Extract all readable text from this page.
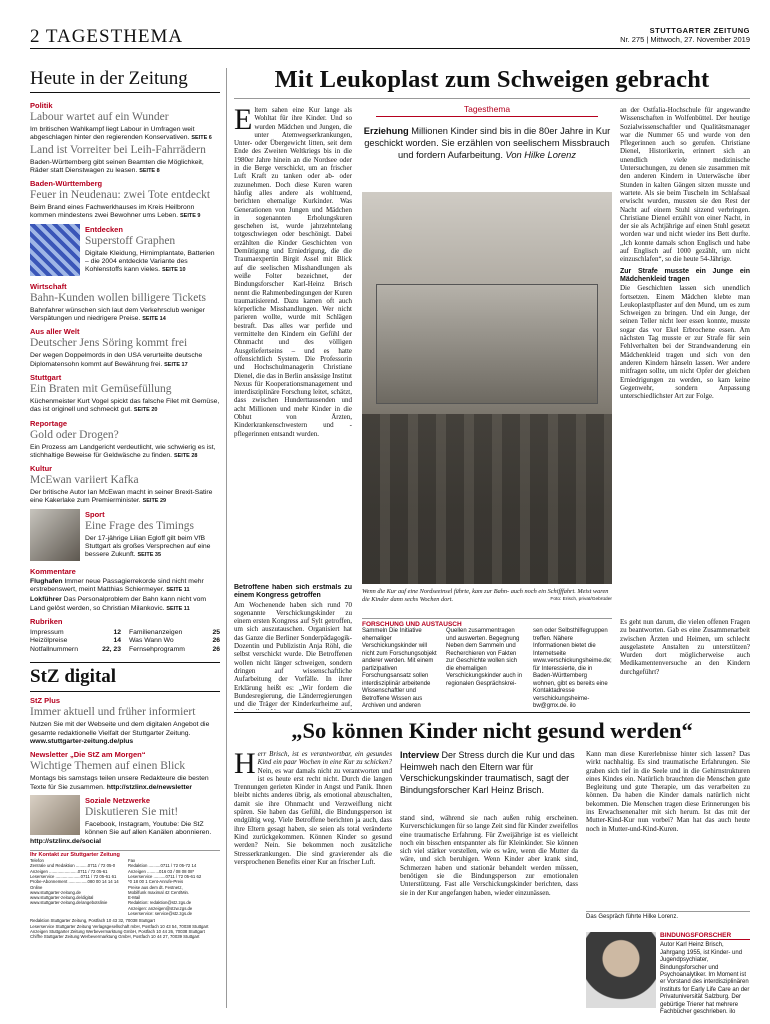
2 TAGESTHEMA	STUTTGARTER ZEITUNG
Nr. 275 | Mittwoch, 27. November 2019
Heute in der Zeitung
Politik
Labour wartet auf ein Wunder
Im britischen Wahlkampf liegt Labour in Umfragen weit abgeschlagen hinter den regierenden Konservativen. SEITE 6
Land ist Vorreiter bei Leih-Fahrrädern
Baden-Württemberg gibt seinen Beamten die Möglichkeit, Räder statt Dienstwagen zu leasen. SEITE 8
Baden-Württemberg
Feuer in Neudenau: zwei Tote entdeckt
Beim Brand eines Fachwerkhauses im Kreis Heilbronn kommen mindestens zwei Bewohner ums Leben. SEITE 9
Entdecken
Superstoff Graphen
Digitale Kleidung, Hirnimplantate, Batterien – die 2004 entdeckte Variante des Kohlenstoffs kann vieles. SEITE 10
Wirtschaft
Bahn-Kunden wollen billigere Tickets
Bahnfahrer wünschen sich laut dem Verkehrsclub weniger Verspätungen und niedrigere Preise. SEITE 14
Aus aller Welt
Deutscher Jens Söring kommt frei
Der wegen Doppelmords in den USA verurteilte deutsche Diplomatensohn kommt auf Bewährung frei. SEITE 17
Stuttgart
Ein Braten mit Gemüsefüllung
Küchenmeister Kurt Vogel spickt das falsche Filet mit Gemüse, das ist originell und schmeckt gut. SEITE 20
Reportage
Gold oder Drogen?
Ein Prozess am Landgericht verdeutlicht, wie schwierig es ist, stichhaltige Beweise für Geldwäsche zu finden. SEITE 28
Kultur
McEwan variiert Kafka
Der britische Autor Ian McEwan macht in seiner Brexit-Satire eine Kakerlake zum Premierminister. SEITE 29
Sport
Eine Frage des Timings
Der 17-jährige Lilian Egloff gilt beim VfB Stuttgart als großes Versprechen auf eine bessere Zukunft. SEITE 35
Kommentare
Flughafen Immer neue Passagierrekorde sind nicht mehr erstrebenswert, meint Matthias Schiermeyer. SEITE 11
Lokführer Das Personalproblem der Bahn kann nicht vom Land gelöst werden, so Christian Milankovic. SEITE 11
Rubriken
Impressum	12 Familienanzeigen	25
Heizölpreise	14 Was Wann Wo	26
Notfallnummern	22, 23 Fernsehprogramm	26
StZ digital
StZ Plus
Immer aktuell und früher informiert
Nutzen Sie mit der Webseite und dem digitalen Angebot die gesamte redaktionelle Vielfalt der Stuttgarter Zeitung. www.stuttgarter-zeitung.de/plus
Newsletter „Die StZ am Morgen“
Wichtige Themen auf einen Blick
Montags bis samstags teilen unsere Redakteure die besten Texte für Sie zusammen. http://stzlinx.de/newsletter
Soziale Netzwerke
Diskutieren Sie mit!
Facebook, Instagram, Youtube: Die StZ können Sie auf allen Kanälen abonnieren. http://stzlinx.de/social
Ihr Kontakt zur Stuttgarter Zeitung
Telefon
Zentrale und Redaktion ..........0711 / 72 05-0
Anzeigen ........................0711 / 72 05-61
Leserservice .....................0711 / 72 05-61 61
Probe-Abonnement ................080 00 14 14 14
Online
www.stuttgarter-zeitung.de
www.stuttgarter-zeitung.de/digital
www.stuttgarter-zeitung.de/angebotslinie
Fax
Redaktion ..........0711 / 72 05-72 14
Anzeigen ..........016 03 / 08 08 08*
Leserservice ..........0711 / 72 05-61 62
*0 18 00 1 Cent-Anrufe-Preis
Preise aus dem dt. Festnetz,
Mobilfunk maximal 42 Cent/Min.
E-Mail
Redaktion: redaktion@stz.zgs.de
Anzeigen: anzeigen@stzw.zgs.de
Leserservice: service@stz.zgs.de
Redaktion Stuttgarter Zeitung, Postfach 10 43 32, 70038 Stuttgart
Leserservice Stuttgarter Zeitung Verlagsgesellschaft mbH, Postfach 10 43 54, 70038 Stuttgart
Anzeigen Stuttgarter Zeitung Werbevermarktung GmbH, Postfach 10 44 26, 70038 Stuttgart
Chiffre Stuttgarter Zeitung Werbevermarktung GmbH, Postfach 10 44 27, 70039 Stuttgart
Mit Leukoplast zum Schweigen gebracht
Eltern sahen eine Kur lange als Wohltat für ihre Kinder. Und so wurden Mädchen und Jungen, die unter Atemwegserkrankungen, Unter- oder Übergewicht litten, seit dem Ende des Zweiten Weltkriegs bis in die 1980er Jahre hinein an die Nordsee oder in die Berge verschickt, um an frischer Luft Kraft zu tanken oder ab- oder zuzunehmen. Doch diese Kuren waren häufig alles andere als wohltuend, berichten ehemalige Kurkinder. Was Generationen von Jungen und Mädchen in sogenannten Erholungskuren geschehen ist, wurde jahrzehntelang totgeschwiegen oder beschönigt. Dabei erzählten die Kinder Geschichten von Demütigung und Erniedrigung, die die Traumaexpertin Birgit Assel mit Blick auf die seelischen Misshandlungen als weiße Folter bezeichnet, der Bindungsforscher Karl-Heinz Brisch nennt die Rahmenbedingungen der Kuren traumatisierend. Dazu kamen oft auch körperliche Misshandlungen. Wer nicht parieren wollte, wurde mit Schlägen bestraft. Das alles war perfide und vermittelte den Kindern ein Gefühl der Ohnmacht und des völligen Ausgeliefertseins – und es hatte offensichtlich System. Die Professorin und Hochschulmanagerin Christiane Dienel, die das in Berlin ansässige Institut Nexus für Kooperationsmanagement und interdisziplinäre Forschung leitet, schätzt, dass zwischen Hunderttausenden und acht Millionen und mehr Kinder in die Obhut von Ärzten, Kinderkrankenschwestern und -pflegerinnen entsandt wurden.
Tagesthema
Erziehung Millionen Kinder sind bis in die 80er Jahre in Kur geschickt worden. Sie erzählen von seelischem Missbrauch und fordern Aufarbeitung. Von Hilke Lorenz
Wenn die Kur auf eine Nordseeinsel führte, kam zur Bahn- auch noch ein Schifffahrt. Meist waren die Kinder dann sechs Wochen dort.	Foto: Erisch, privat/Gebrüder
an der Ostfalia-Hochschule für angewandte Wissenschaften in Wolfenbüttel. Der heutige Sozialwissenschaftler und Qualitätsmanager war die Nummer 65 und wurde von den Pflegerinnen auch so gerufen. Christiane Dienel, Historikerin, erinnert sich an unendlich viele medizinische Untersuchungen, zu denen sie zusammen mit den anderen Kindern in Unterwäsche über Stunden in kalten Gängen sitzen musste und wartete. Als sie beim Tuscheln im Schlafsaal erwischt wurden, mussten sie den Rest der Nacht auf einem Stuhl sitzend verbringen. Christiane Dienel erzählt von einer Nacht, in der sie als Achtjährige auf einen Stuhl gesetzt worden war und nicht wieder ins Bett durfte. „Ich konnte damals schon Englisch und habe auf Englisch auf 1000 gezählt, um nicht einzuschlafen“, so die heute 54-Jährige.
Zur Strafe musste ein Junge ein Mädchenkleid tragen
Die Geschichten lassen sich unendlich fortsetzen. Einem Mädchen klebte man Leukoplastpflaster auf den Mund, um es zum Schweigen zu bringen. Und ein Junge, der seinen Teller nicht leer essen konnte, musste sogar das vor Ekel Erbrochene essen. Am nächsten Tag musste er zur Strafe für sein Fehlverhalten bei der Strandwanderung ein Mädchenkleid tragen und sich von den anderen Kindern hänseln lassen. Wer andere mitfragen sollte, um nicht Opfer der gleichen Erniedrigungen zu werden, so kam keine Gegenwehr, sondern Anpassung unterschiedlichster Art zur Folge.
Betroffene haben sich erstmals zu einem Kongress getroffen
Am Wochenende haben sich rund 70 sogenannte Verschickungskinder zu einem ersten Kongress auf Sylt getroffen, um sich auszutauschen. Organisiert hat das Ganze die Berliner Sonderpädagogik-Dozentin und Publizistin Anja Röhl, die selbst verschickt wurde. Die Betroffenen wollen nicht länger schweigen, sondern dringen auf wissenschaftliche Aufarbeitung der Vorfälle. In ihrer Erklärung heißt es: „Wir fordern die Bundesregierung, die Länderregierungen und die Träger der Kinderkurheime auf,
FORSCHUNG UND AUSTAUSCH
Sammeln Die Initiative ehemaliger Verschickungskinder will nicht zum Forschungsobjekt anderer werden. Mit einem partizipativen Forschungsansatz sollen interdisziplinär arbeitende Wissenschaftler und Betroffene Wissen aus Archiven und anderen
Quellen zusammentragen und auswerten. Begegnung Neben dem Sammeln und Recherchieren von Fakten zur Geschichte wollen sich die ehemaligen Verschickungskinder auch in regionalen Gesprächskrei-
sen oder Selbsthilfegruppen treffen. Nähere Informationen bietet die Internetseite www.verschickungsheime.de; für Interessierte, die in Baden-Württemberg wohnen, gibt es bereits eine Kontaktadresse verschickungsheime-bw@gmx.de. ilo
Es geht nun darum, die vielen offenen Fragen zu beantworten. Gab es eine Zusammenarbeit zwischen Ärzten und Heimen, um schlecht ausgelastete Anstalten zu unterstützen? Wurden dort möglicherweise auch Medikamentenversuche an den Kindern durchgeführt?
„So können Kinder nicht gesund werden“
Herr Brisch, ist es verantwortbar, ein gesundes Kind ein paar Wochen in eine Kur zu schicken? Nein, es war damals nicht zu verantworten und ist es heute erst recht nicht. Durch die langen Trennungen gerieten Kinder in Angst und Panik. Ihnen bleibt nichts anderes übrig, als emotional abzuschalten, damit sie ihre Ohnmacht und Verzweiflung nicht spüren. Sie haben das Gefühl, die Bindungsperson ist endgültig weg. Viele Betroffene berichten ja auch, dass ihre Eltern gesagt haben, sie seien als total veränderte Kind zurückgekommen. Können Kinder so gesund werden? Nein. Sie bekommen noch zusätzliche Stresserkrankungen. Die sind gravierender als die versprochenen Benefits einer Kur an frischer Luft.
Interview Der Stress durch die Kur und das Heimweh nach den Eltern war für Verschickungskinder traumatisch, sagt der Bindungsforscher Karl Heinz Brisch.
stand sind, während sie nach außen ruhig erscheinen. Kurverschickungen für so lange Zeit sind für Kinder zweifellos eine traumatische Erfahrung. Für Zweijährige ist es vielleicht noch ein bisschen entspannter als für Kleinkinder. Sie können sich viel stärker vorstellen, wie es wäre, wenn die Mutter da wäre, und sich beruhigen. Wenn Kinder aber krank sind, Schmerzen haben und stationär behandelt werden müssen, benötigen sie die Bindungsperson zur emotionalen Unterstützung. Fast alle Verschickungskinder berichten, dass sie in der Kur angefangen haben, wieder einzunässen.
Kann man diese Kurerlebnisse hinter sich lassen? Das wirkt nachhaltig. Es sind traumatische Erfahrungen. Sie graben sich tief in die Seele und in die Gehirnstrukturen eines Kindes ein. Natürlich brauchten die Menschen gute Begleitung und gute Therapie, um das verarbeiten zu können. Da haben die Kinder damals natürlich nicht bekommen. Die Menschen tragen diese Erinnerungen bis ins Erwachsenenalter mit sich herum. Ist das mit der Mutter-Kind-Kur nun vorbei? Man hat das auch heute noch in Mutter-und-Kind-Kuren.
Das Gespräch führte Hilke Lorenz.
BINDUNGSFORSCHER
Autor Karl Heinz Brisch, Jahrgang 1955, ist Kinder- und Jugendpsychiater, Bindungsforscher und Psychoanalytiker. Im Moment ist er Vorstand des interdisziplinären Instituts for Early Life Care an der Privatuniversität Salzburg. Der gebürtige Trierer hat mehrere Fachbücher geschrieben. ilo
